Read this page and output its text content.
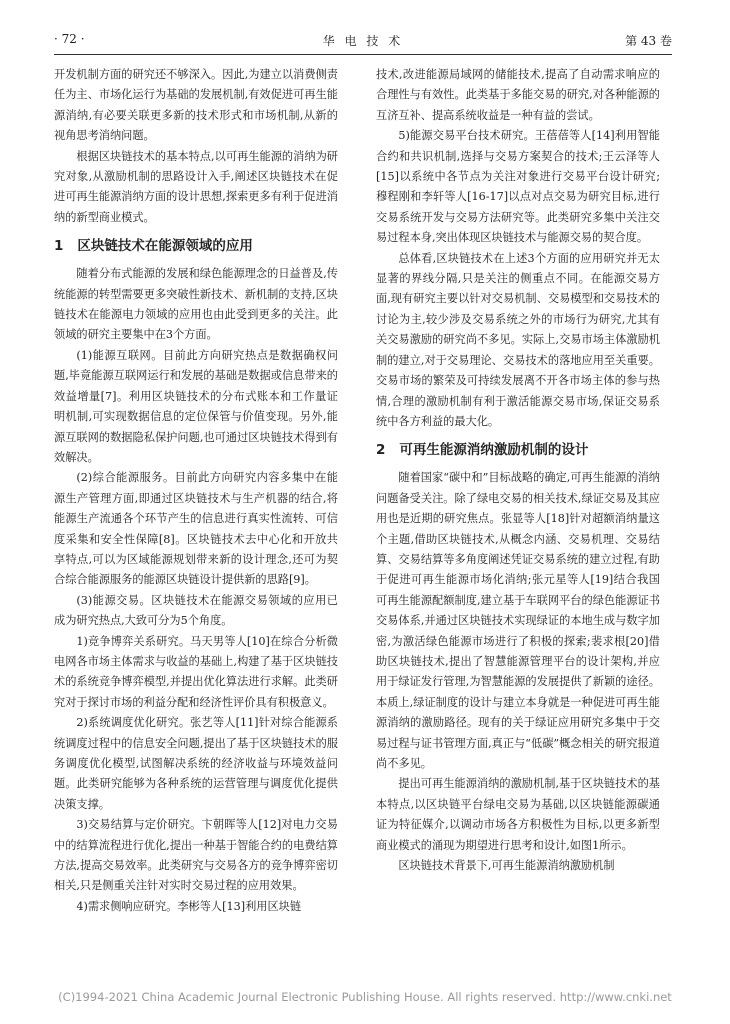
· 72 ·	华 电 技 术	第 43 卷

开发机制方面的研究还不够深入。因此,为建立以消费侧责任为主、市场化运行为基础的发展机制,有效促进可再生能源消纳,有必要关联更多新的技术形式和市场机制,从新的视角思考消纳问题。

根据区块链技术的基本特点,以可再生能源的消纳为研究对象,从激励机制的思路设计入手,阐述区块链技术在促进可再生能源消纳方面的设计思想,探索更多有利于促进消纳的新型商业模式。

1 区块链技术在能源领域的应用

随着分布式能源的发展和绿色能源理念的日益普及,传统能源的转型需要更多突破性新技术、新机制的支持,区块链技术在能源电力领域的应用也由此受到更多的关注。此领域的研究主要集中在3个方面。

(1)能源互联网。目前此方向研究热点是数据确权问题,毕竟能源互联网运行和发展的基础是数据或信息带来的效益增量[7]。利用区块链技术的分布式账本和工作量证明机制,可实现数据信息的定位保管与价值变现。另外,能源互联网的数据隐私保护问题,也可通过区块链技术得到有效解决。

(2)综合能源服务。目前此方向研究内容多集中在能源生产管理方面,即通过区块链技术与生产机器的结合,将能源生产流通各个环节产生的信息进行真实性流转、可信度采集和安全性保障[8]。区块链技术去中心化和开放共享特点,可以为区域能源规划带来新的设计理念,还可为契合综合能源服务的能源区块链设计提供新的思路[9]。

(3)能源交易。区块链技术在能源交易领域的应用已成为研究热点,大致可分为5个角度。

1)竞争博弈关系研究。马天男等人[10]在综合分析微电网各市场主体需求与收益的基础上,构建了基于区块链技术的系统竞争博弈模型,并提出优化算法进行求解。此类研究对于探讨市场的利益分配和经济性评价具有积极意义。

2)系统调度优化研究。张艺等人[11]针对综合能源系统调度过程中的信息安全问题,提出了基于区块链技术的服务调度优化模型,试图解决系统的经济收益与环境效益问题。此类研究能够为各种系统的运营管理与调度优化提供决策支撑。

3)交易结算与定价研究。卞朝晖等人[12]对电力交易中的结算流程进行优化,提出一种基于智能合约的电费结算方法,提高交易效率。此类研究与交易各方的竞争博弈密切相关,只是侧重关注针对实时交易过程的应用效果。

4)需求侧响应研究。李彬等人[13]利用区块链

技术,改进能源局域网的储能技术,提高了自动需求响应的合理性与有效性。此类基于多能交易的研究,对各种能源的互济互补、提高系统收益是一种有益的尝试。

5)能源交易平台技术研究。王蓓蓓等人[14]利用智能合约和共识机制,选择与交易方案契合的技术;王云泽等人[15]以系统中各节点为关注对象进行交易平台设计研究;穆程刚和李轩等人[16-17]以点对点交易为研究目标,进行交易系统开发与交易方法研究等。此类研究多集中关注交易过程本身,突出体现区块链技术与能源交易的契合度。

总体看,区块链技术在上述3个方面的应用研究并无太显著的界线分隔,只是关注的侧重点不同。在能源交易方面,现有研究主要以针对交易机制、交易模型和交易技术的讨论为主,较少涉及交易系统之外的市场行为研究,尤其有关交易激励的研究尚不多见。实际上,交易市场主体激励机制的建立,对于交易理论、交易技术的落地应用至关重要。交易市场的繁荣及可持续发展离不开各市场主体的参与热情,合理的激励机制有利于激活能源交易市场,保证交易系统中各方利益的最大化。

2 可再生能源消纳激励机制的设计

随着国家“碳中和”目标战略的确定,可再生能源的消纳问题备受关注。除了绿电交易的相关技术,绿证交易及其应用也是近期的研究焦点。张显等人[18]针对超额消纳量这个主题,借助区块链技术,从概念内涵、交易机理、交易结算、交易结算等多角度阐述凭证交易系统的建立过程,有助于促进可再生能源市场化消纳;张元星等人[19]结合我国可再生能源配额制度,建立基于车联网平台的绿色能源证书交易体系,并通过区块链技术实现绿证的本地生成与数字加密,为激活绿色能源市场进行了积极的探索;裴求根[20]借助区块链技术,提出了智慧能源管理平台的设计架构,并应用于绿证发行管理,为智慧能源的发展提供了新颖的途径。本质上,绿证制度的设计与建立本身就是一种促进可再生能源消纳的激励路径。现有的关于绿证应用研究多集中于交易过程与证书管理方面,真正与“低碳”概念相关的研究报道尚不多见。

提出可再生能源消纳的激励机制,基于区块链技术的基本特点,以区块链平台绿电交易为基础,以区块链能源碳通证为特征媒介,以调动市场各方积极性为目标,以更多新型商业模式的涌现为期望进行思考和设计,如图1所示。

区块链技术背景下,可再生能源消纳激励机制

(C)1994-2021 China Academic Journal Electronic Publishing House. All rights reserved. http://www.cnki.net
